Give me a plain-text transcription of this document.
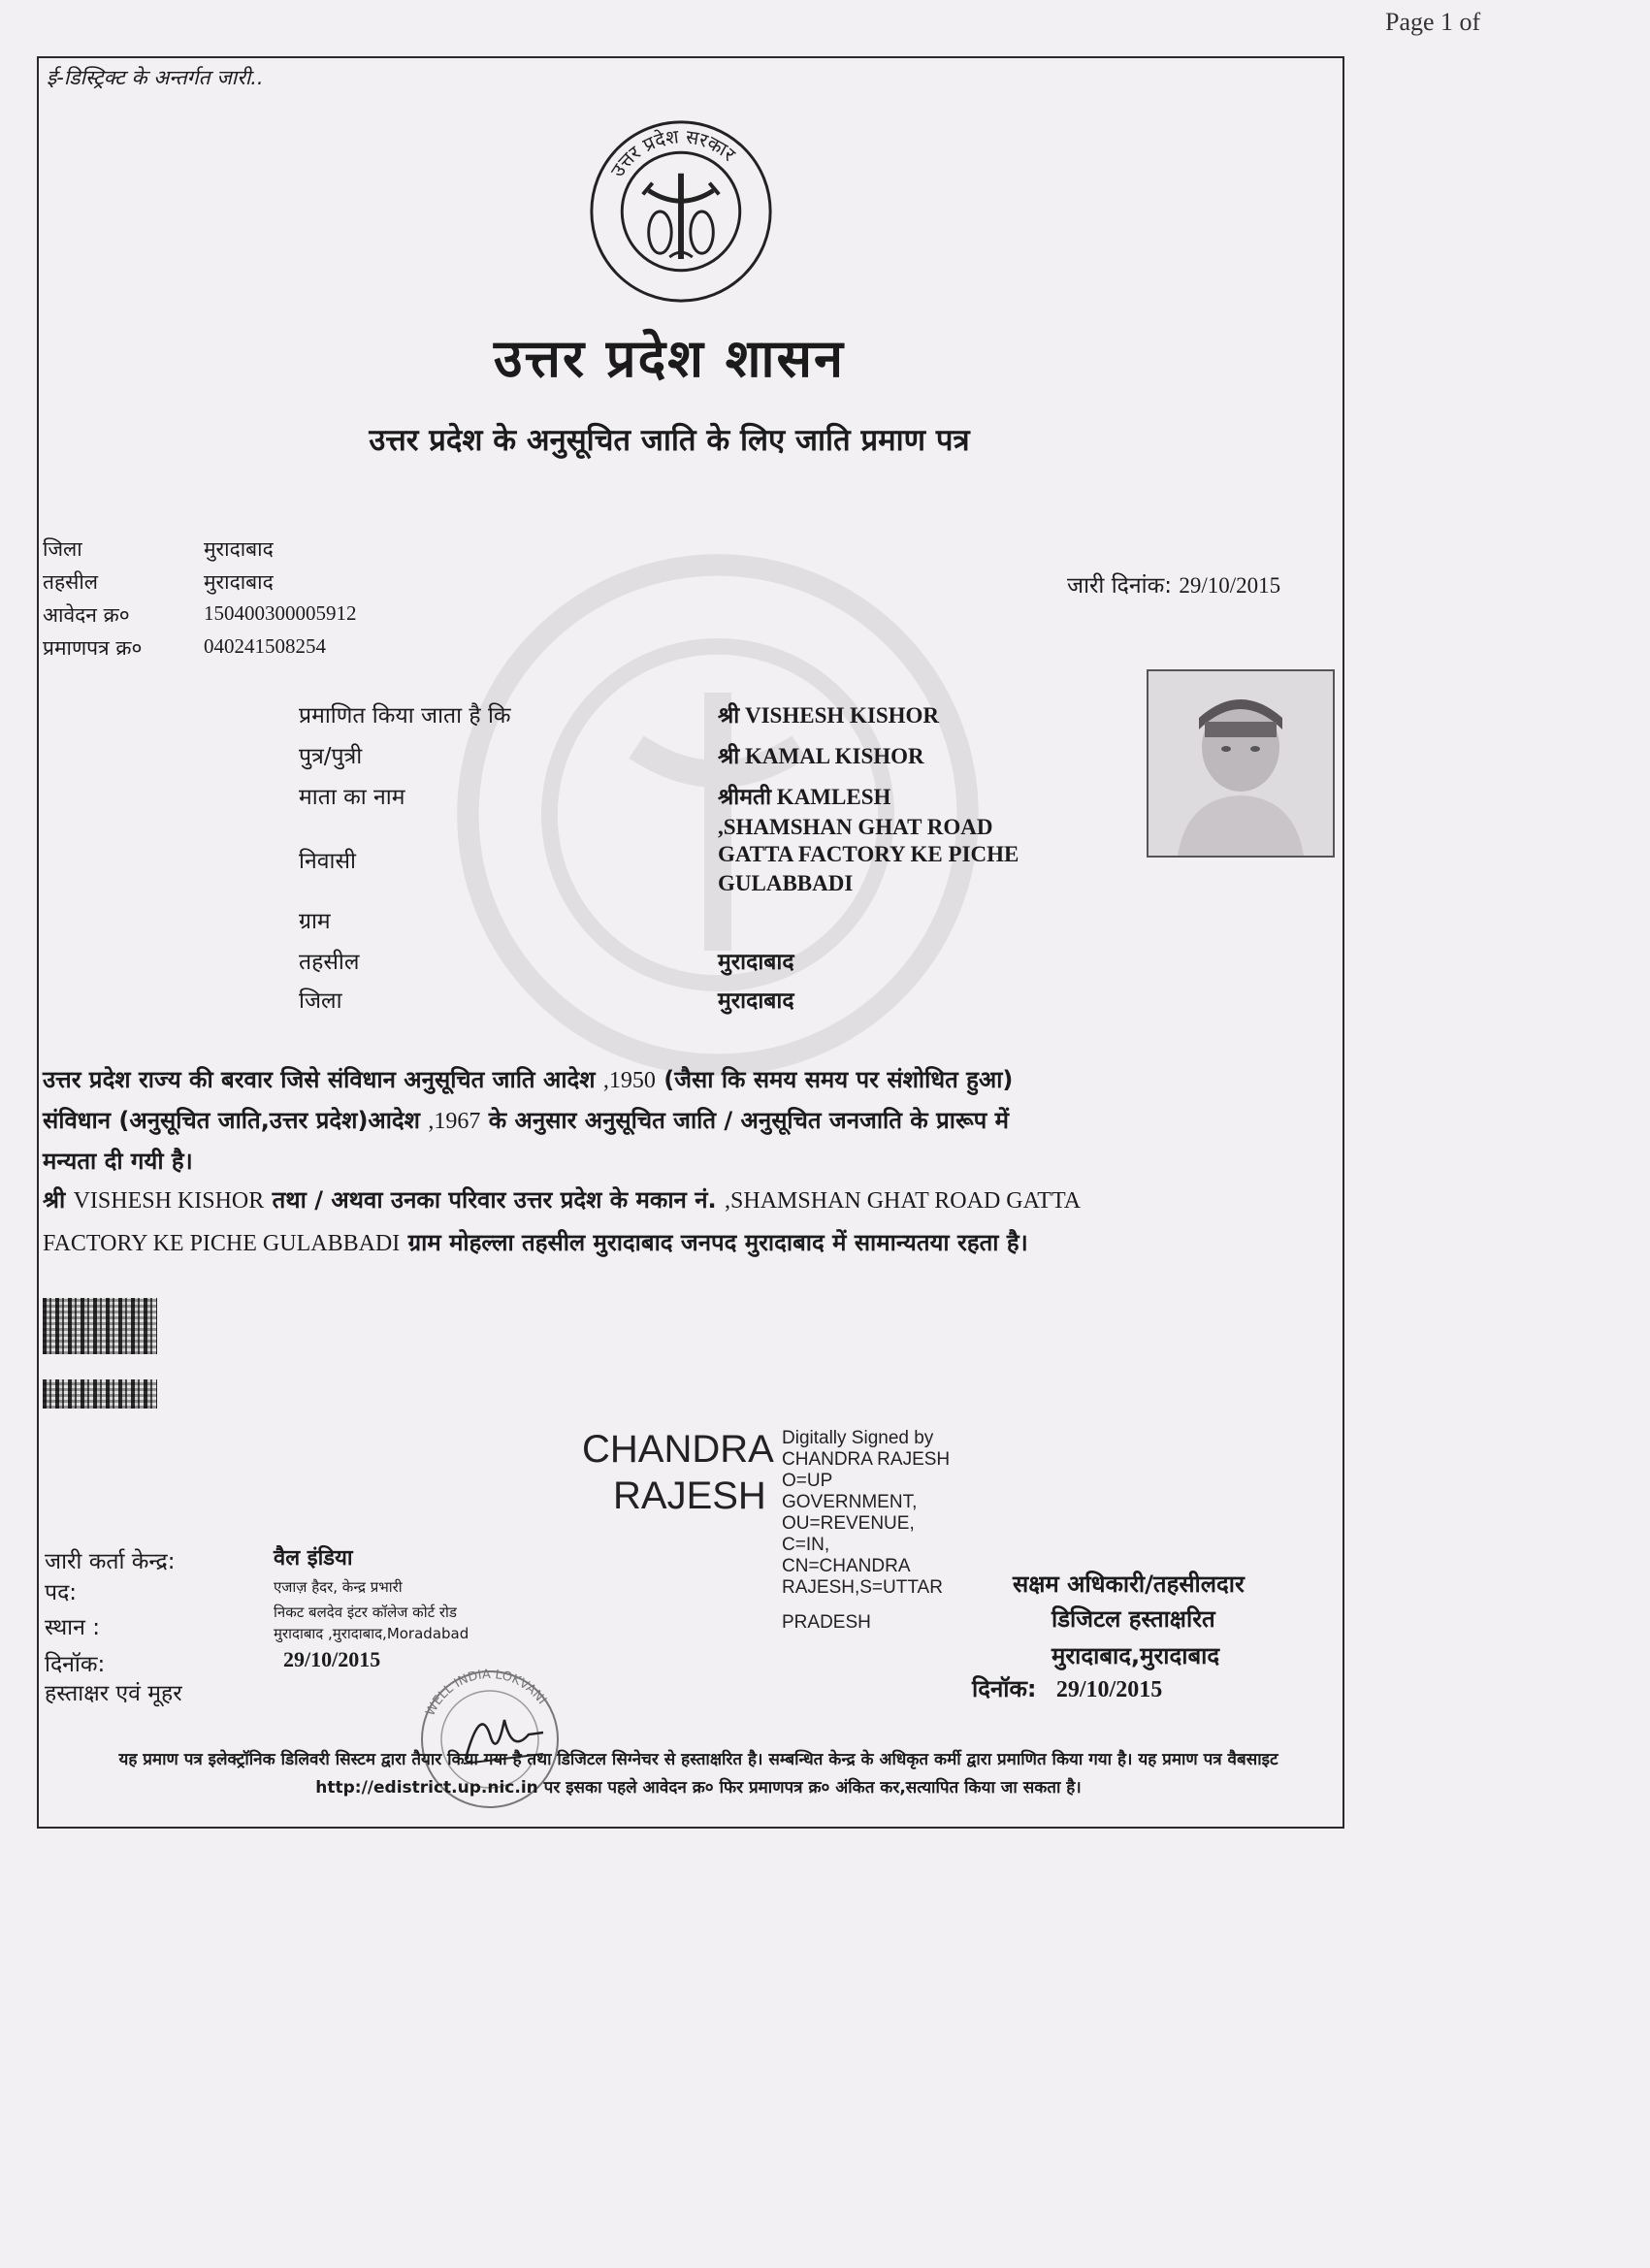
Page 1 of
ई-डिस्ट्रिक्ट के अन्तर्गत जारी..
उत्तर प्रदेश सरकार
उत्तर प्रदेश शासन
उत्तर प्रदेश के अनुसूचित जाति के लिए जाति प्रमाण पत्र
जिला	मुरादाबाद
तहसील	मुरादाबाद
आवेदन क्र०	150400300005912
प्रमाणपत्र क्र०	040241508254
जारी दिनांक: 29/10/2015
प्रमाणित किया जाता है कि	श्री VISHESH KISHOR
पुत्र/पुत्री	श्री KAMAL KISHOR
माता का नाम	श्रीमती KAMLESH
,SHAMSHAN GHAT ROAD
निवासी	GATTA FACTORY KE PICHE
GULABBADI
ग्राम
तहसील	मुरादाबाद
जिला	मुरादाबाद
उत्तर प्रदेश राज्य की बरवार जिसे संविधान अनुसूचित जाति आदेश ,1950 (जैसा कि समय समय पर संशोधित हुआ)
संविधान (अनुसूचित जाति,उत्तर प्रदेश)आदेश ,1967 के अनुसार अनुसूचित जाति / अनुसूचित जनजाति के प्रारूप में
मन्यता दी गयी है।
श्री VISHESH KISHOR तथा / अथवा उनका परिवार उत्तर प्रदेश के मकान नं. ,SHAMSHAN GHAT ROAD GATTA
FACTORY KE PICHE GULABBADI ग्राम मोहल्ला तहसील मुरादाबाद जनपद मुरादाबाद में सामान्यतया रहता है।
CHANDRA
RAJESH
Digitally Signed by
CHANDRA RAJESH
O=UP
GOVERNMENT,
OU=REVENUE,
C=IN,
CN=CHANDRA
RAJESH,S=UTTAR
PRADESH
जारी कर्ता केन्द्र:	वैल इंडिया
पद:	एजाज़ हैदर, केन्द्र प्रभारी
स्थान :
निकट बलदेव इंटर कॉलेज कोर्ट रोड
मुरादाबाद ,मुरादाबाद,Moradabad
दिनॉक:	29/10/2015
हस्ताक्षर एवं मूहर
WELL INDIA LOKVANI
सक्षम अधिकारी/तहसीलदार
डिजिटल हस्ताक्षरित
मुरादाबाद,मुरादाबाद
दिनॉक: 29/10/2015
यह प्रमाण पत्र इलेक्ट्रॉनिक डिलिवरी सिस्टम द्वारा तैयार किया गया है तथा डिजिटल सिग्नेचर से हस्ताक्षरित है। सम्बन्धित केन्द्र के अधिकृत कर्मी द्वारा प्रमाणित किया गया है। यह प्रमाण पत्र वैबसाइट http://edistrict.up.nic.in पर इसका पहले आवेदन क्र० फिर प्रमाणपत्र क्र० अंकित कर,सत्यापित किया जा सकता है।
